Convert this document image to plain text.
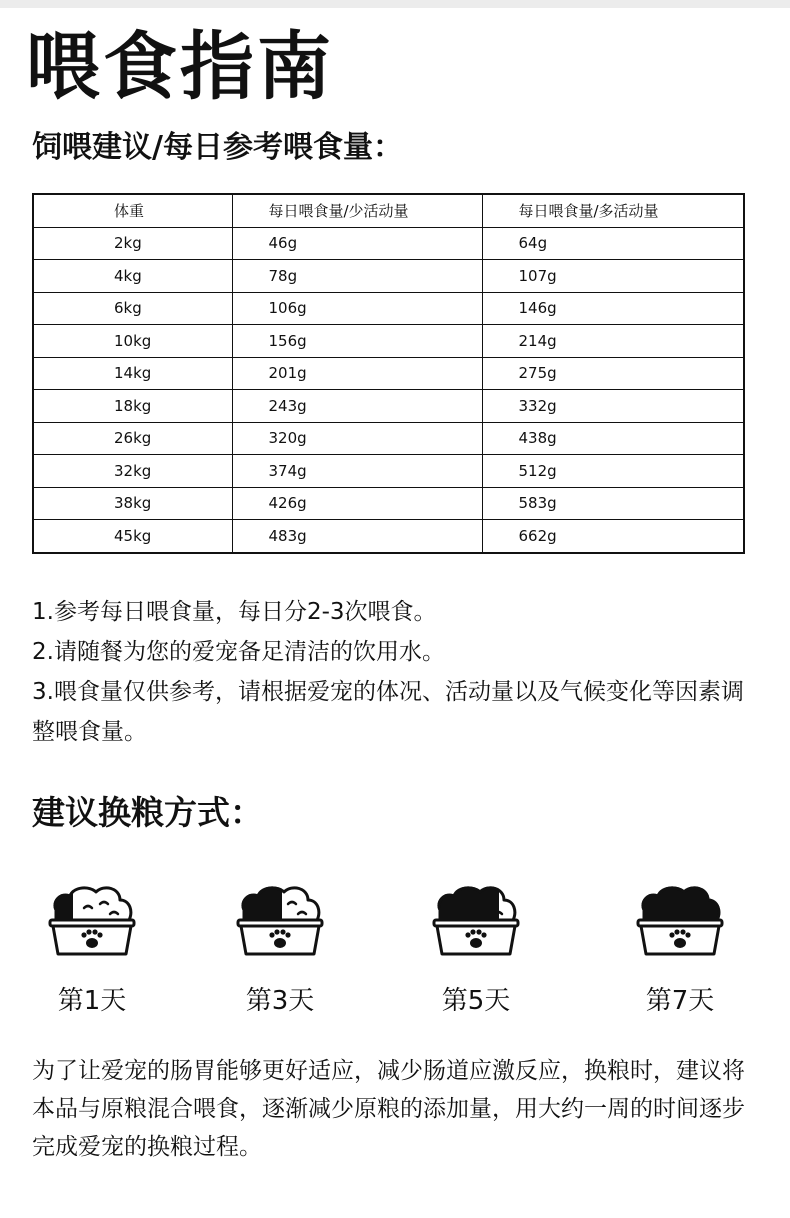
喂食指南
饲喂建议/每日参考喂食量：
体重	每日喂食量/少活动量	每日喂食量/多活动量
2kg	46g	64g
4kg	78g	107g
6kg	106g	146g
10kg	156g	214g
14kg	201g	275g
18kg	243g	332g
26kg	320g	438g
32kg	374g	512g
38kg	426g	583g
45kg	483g	662g
1.参考每日喂食量，每日分2-3次喂食。
2.请随餐为您的爱宠备足清洁的饮用水。
3.喂食量仅供参考，请根据爱宠的体况、活动量以及气候变化等因素调整喂食量。
建议换粮方式：
第1天	第3天	第5天	第7天
为了让爱宠的肠胃能够更好适应，减少肠道应激反应，换粮时，建议将本品与原粮混合喂食，逐渐减少原粮的添加量，用大约一周的时间逐步完成爱宠的换粮过程。
